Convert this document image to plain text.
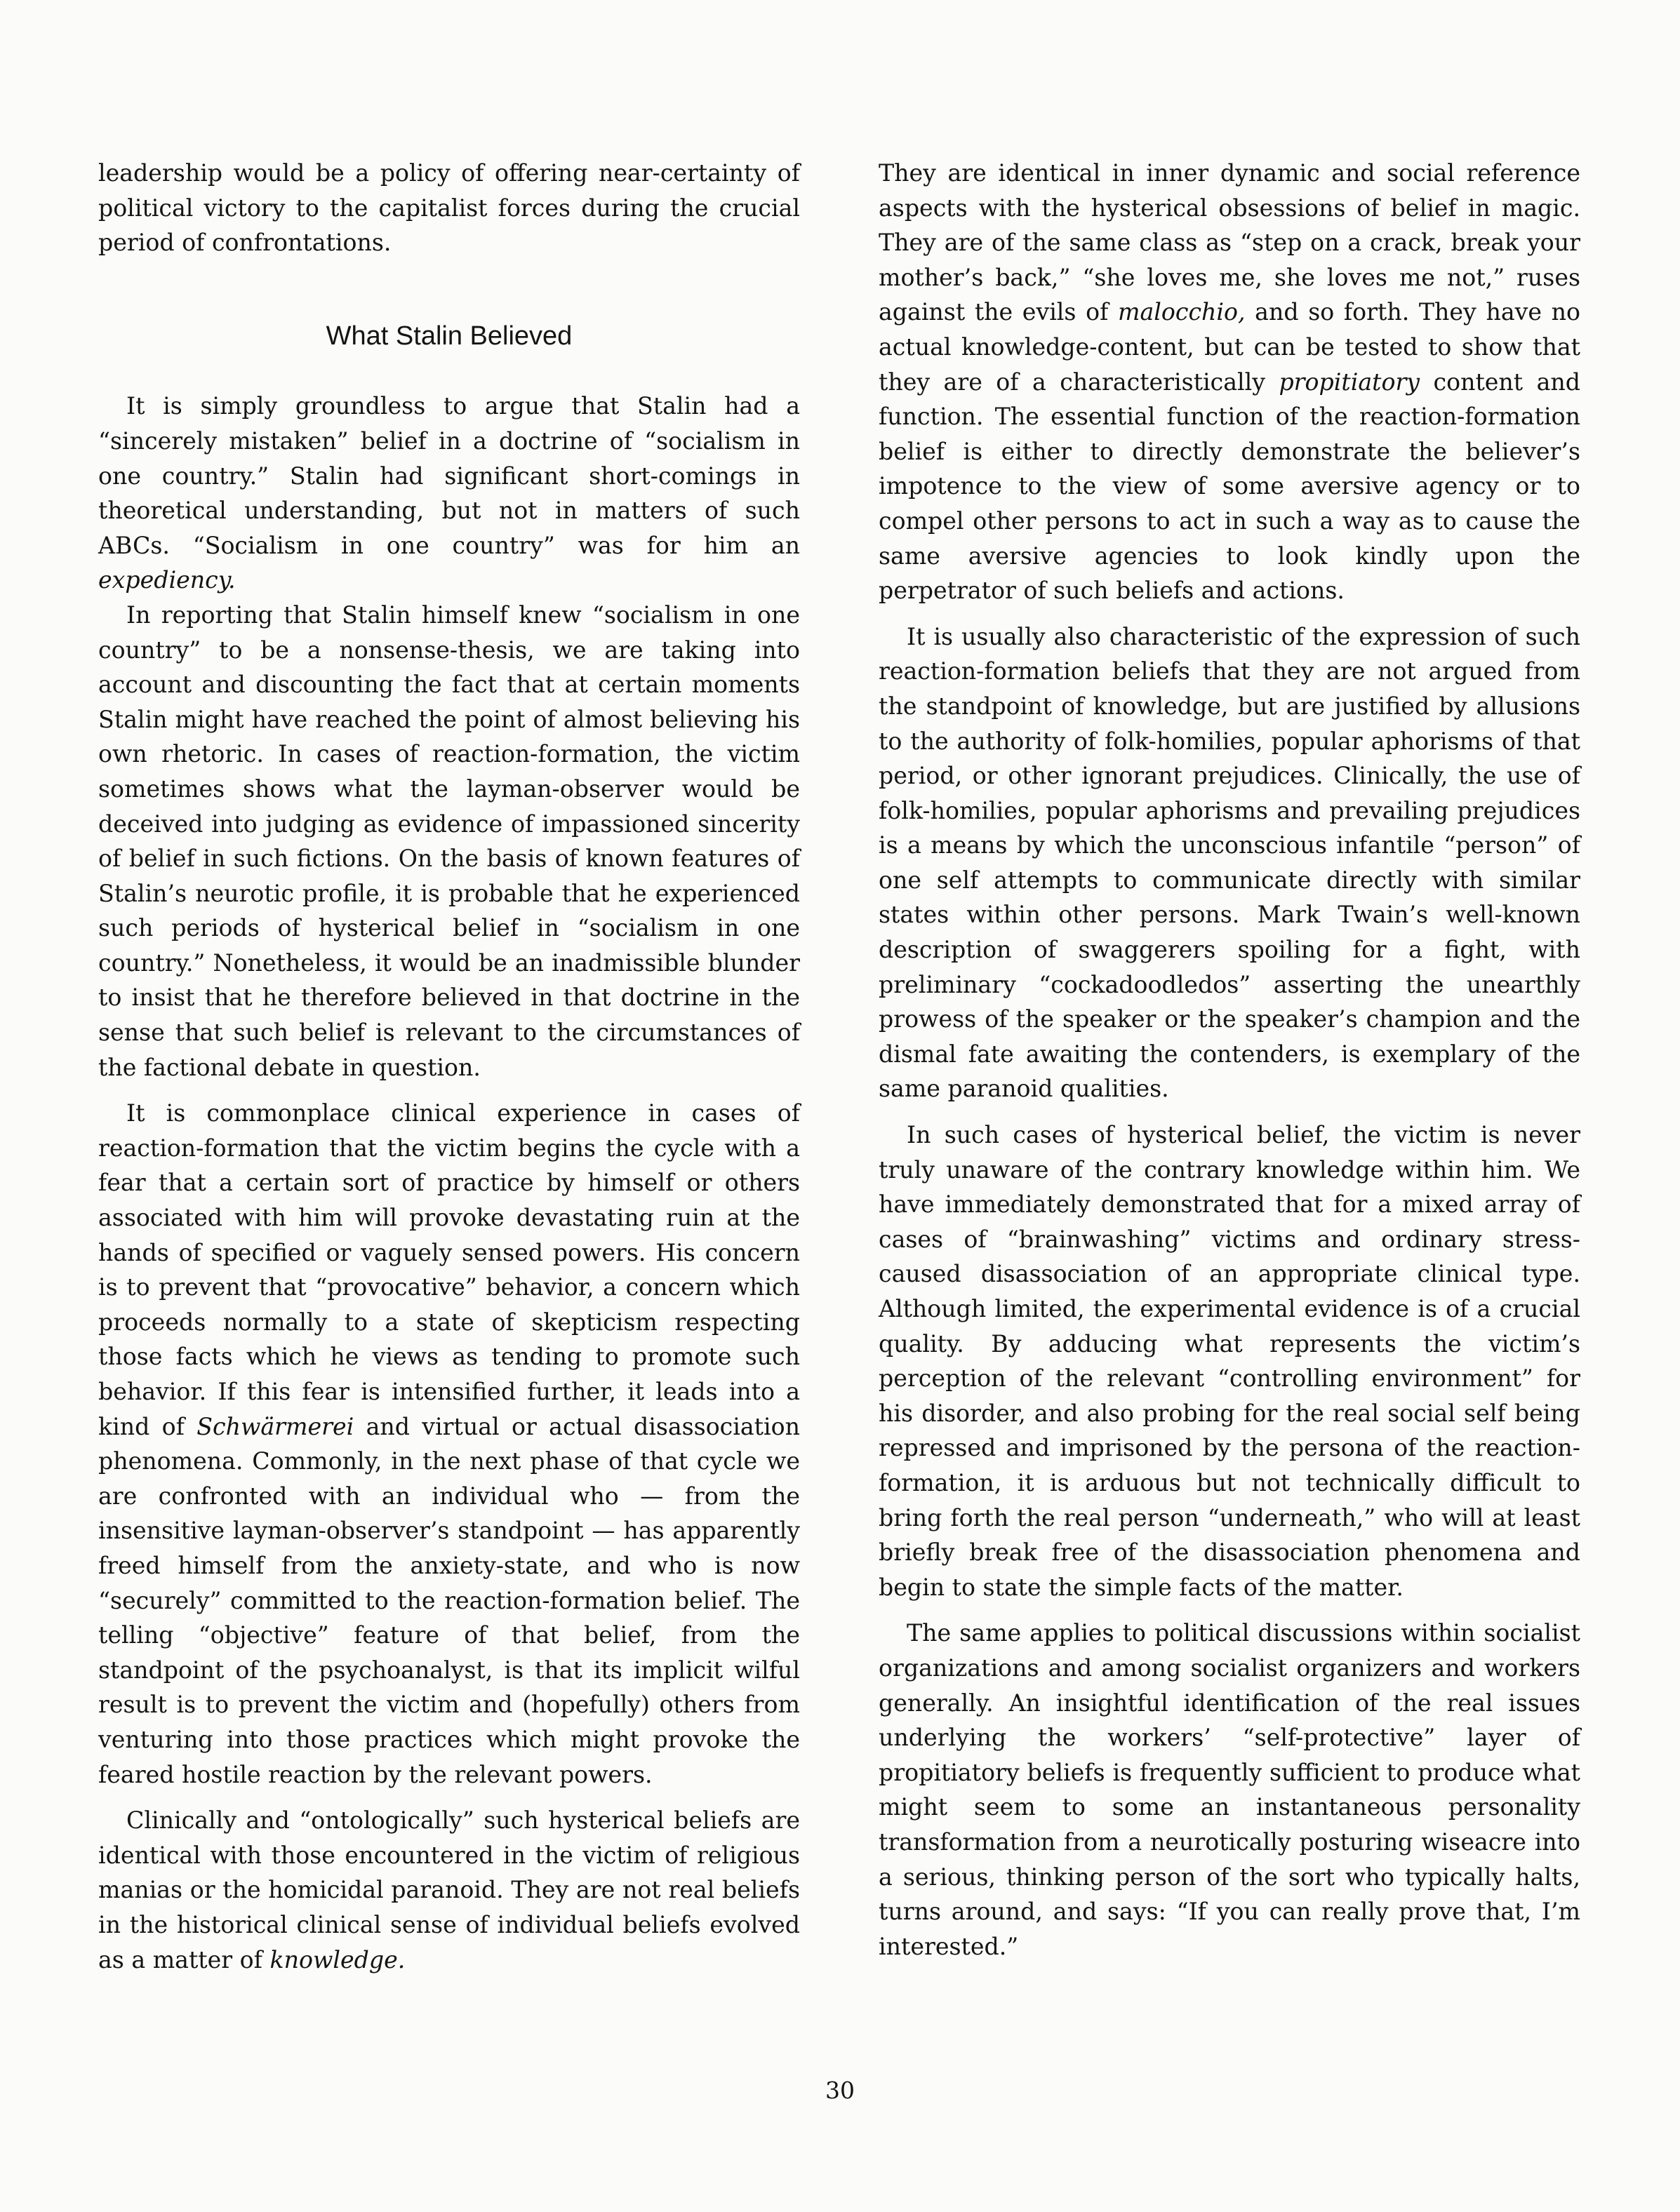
leadership would be a policy of offering near-certainty of political victory to the capitalist forces during the crucial period of confrontations.

What Stalin Believed

It is simply groundless to argue that Stalin had a “sincerely mistaken” belief in a doctrine of “socialism in one country.” Stalin had significant short-comings in theoretical understanding, but not in matters of such ABCs. “Socialism in one country” was for him an expediency.

In reporting that Stalin himself knew “socialism in one country” to be a nonsense-thesis, we are taking into account and discounting the fact that at certain moments Stalin might have reached the point of almost believing his own rhetoric. In cases of reaction-formation, the victim sometimes shows what the layman-observer would be deceived into judging as evidence of impassioned sincerity of belief in such fictions. On the basis of known features of Stalin’s neurotic profile, it is probable that he experienced such periods of hysterical belief in “socialism in one country.” Nonetheless, it would be an inadmissible blunder to insist that he therefore believed in that doctrine in the sense that such belief is relevant to the circumstances of the factional debate in question.

It is commonplace clinical experience in cases of reaction-formation that the victim begins the cycle with a fear that a certain sort of practice by himself or others associated with him will provoke devastating ruin at the hands of specified or vaguely sensed powers. His concern is to prevent that “provocative” behavior, a concern which proceeds normally to a state of skepticism respecting those facts which he views as tending to promote such behavior. If this fear is intensified further, it leads into a kind of Schwärmerei and virtual or actual disassociation phenomena. Commonly, in the next phase of that cycle we are confronted with an individual who — from the insensitive layman-observer’s standpoint — has apparently freed himself from the anxiety-state, and who is now “securely” committed to the reaction-formation belief. The telling “objective” feature of that belief, from the standpoint of the psychoanalyst, is that its implicit wilful result is to prevent the victim and (hopefully) others from venturing into those practices which might provoke the feared hostile reaction by the relevant powers.

Clinically and “ontologically” such hysterical beliefs are identical with those encountered in the victim of religious manias or the homicidal paranoid. They are not real beliefs in the historical clinical sense of individual beliefs evolved as a matter of knowledge.

They are identical in inner dynamic and social reference aspects with the hysterical obsessions of belief in magic. They are of the same class as “step on a crack, break your mother’s back,” “she loves me, she loves me not,” ruses against the evils of malocchio, and so forth. They have no actual knowledge-content, but can be tested to show that they are of a characteristically propitiatory content and function. The essential function of the reaction-formation belief is either to directly demonstrate the believer’s impotence to the view of some aversive agency or to compel other persons to act in such a way as to cause the same aversive agencies to look kindly upon the perpetrator of such beliefs and actions.

It is usually also characteristic of the expression of such reaction-formation beliefs that they are not argued from the standpoint of knowledge, but are justified by allusions to the authority of folk-homilies, popular aphorisms of that period, or other ignorant prejudices. Clinically, the use of folk-homilies, popular aphorisms and prevailing prejudices is a means by which the unconscious infantile “person” of one self attempts to communicate directly with similar states within other persons. Mark Twain’s well-known description of swaggerers spoiling for a fight, with preliminary “cockadoodledos” asserting the unearthly prowess of the speaker or the speaker’s champion and the dismal fate awaiting the contenders, is exemplary of the same paranoid qualities.

In such cases of hysterical belief, the victim is never truly unaware of the contrary knowledge within him. We have immediately demonstrated that for a mixed array of cases of “brainwashing” victims and ordinary stress-caused disassociation of an appropriate clinical type. Although limited, the experimental evidence is of a crucial quality. By adducing what represents the victim’s perception of the relevant “controlling environment” for his disorder, and also probing for the real social self being repressed and imprisoned by the persona of the reaction-formation, it is arduous but not technically difficult to bring forth the real person “underneath,” who will at least briefly break free of the disassociation phenomena and begin to state the simple facts of the matter.

The same applies to political discussions within socialist organizations and among socialist organizers and workers generally. An insightful identification of the real issues underlying the workers’ “self-protective” layer of propitiatory beliefs is frequently sufficient to produce what might seem to some an instantaneous personality transformation from a neurotically posturing wiseacre into a serious, thinking person of the sort who typically halts, turns around, and says: “If you can really prove that, I’m interested.”

30
